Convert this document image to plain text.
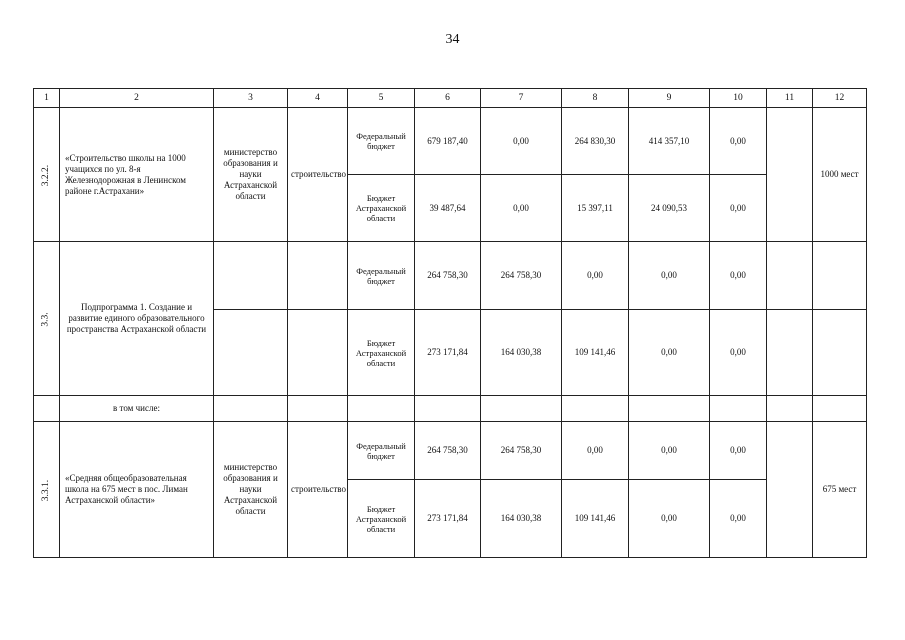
34
1	2	3	4	5	6	7	8	9	10	11	12
3.2.2.	«Строительство школы на 1000 учащихся по ул. 8-я Железнодорожная в Ленинском районе г.Астрахани»	министерство образования и науки Астраханской области	строительство	Федеральный бюджет	679 187,40	0,00	264 830,30	414 357,10	0,00		1000 мест
				Бюджет Астраханской области	39 487,64	0,00	15 397,11	24 090,53	0,00		
3.3.	Подпрограмма 1. Создание и развитие единого образовательного пространства Астраханской области			Федеральный бюджет	264 758,30	264 758,30	0,00	0,00	0,00		
				Бюджет Астраханской области	273 171,84	164 030,38	109 141,46	0,00	0,00		
	в том числе:										
3.3.1.	«Средняя общеобразовательная школа на 675 мест в пос. Лиман Астраханской области»	министерство образования и науки Астраханской области	строительство	Федеральный бюджет	264 758,30	264 758,30	0,00	0,00	0,00		675 мест
				Бюджет Астраханской области	273 171,84	164 030,38	109 141,46	0,00	0,00		
